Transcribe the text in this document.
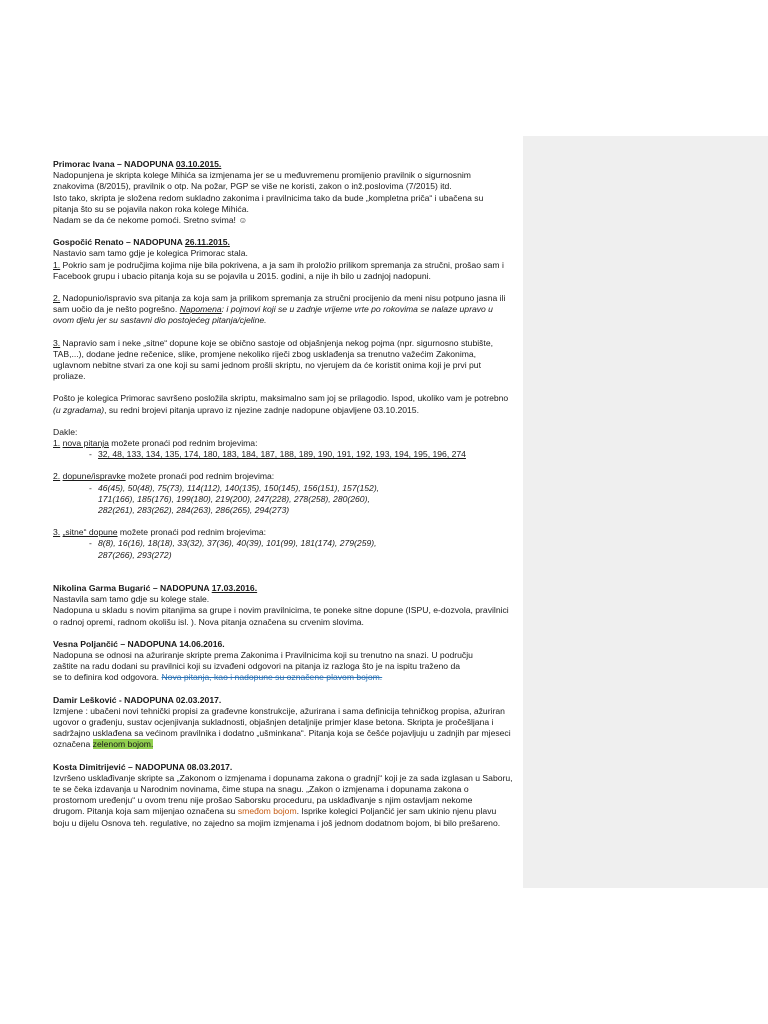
Primorac Ivana – NADOPUNA 03.10.2015.

Nadopunjena je skripta kolege Mihića sa izmjenama jer se u međuvremenu promijenio pravilnik o sigurnosnim

znakovima (8/2015), pravilnik o otp. Na požar, PGP se više ne koristi, zakon o inž.poslovima (7/2015) itd.

Isto tako, skripta je složena redom sukladno zakonima i pravilnicima tako da bude „kompletna priča“ i ubačena su

pitanja što su se pojavila nakon roka kolege Mihića.

Nadam se da će nekome pomoći. Sretno svima! ☺

Gospočić Renato – NADOPUNA 26.11.2015.

Nastavio sam tamo gdje je kolegica Primorac stala.

1. Pokrio sam je područjima kojima nije bila pokrivena, a ja sam ih proložio prilikom spremanja za stručni, prošao sam i

Facebook grupu i ubacio pitanja koja su se pojavila u 2015. godini, a nije ih bilo u zadnjoj nadopuni.

2. Nadopunio/ispravio sva pitanja za koja sam ja prilikom spremanja za stručni procijenio da meni nisu potpuno jasna ili

sam uočio da je nešto pogrešno. Napomena: i pojmovi koji se u zadnje vrijeme vrte po rokovima se nalaze upravo u

ovom djelu jer su sastavni dio postojećeg pitanja/cjeline.

3. Napravio sam i neke „sitne“ dopune koje se obično sastoje od objašnjenja nekog pojma (npr. sigurnosno stubište,

TAB,...), dodane jedne rečenice, slike, promjene nekoliko riječi zbog usklađenja sa trenutno važećim Zakonima,

uglavnom nebitne stvari za one koji su sami jednom prošli skriptu, no vjerujem da će koristit onima koji je prvi put

proliaze.

Pošto je kolegica Primorac savršeno posložila skriptu, maksimalno sam joj se prilagodio. Ispod, ukoliko vam je potrebno

(u zgradama), su redni brojevi pitanja upravo iz njezine zadnje nadopune objavljene 03.10.2015.

Dakle:

1. nova pitanja možete pronaći pod rednim brojevima:

- 32, 48, 133, 134, 135, 174, 180, 183, 184, 187, 188, 189, 190, 191, 192, 193, 194, 195, 196, 274

2. dopune/ispravke možete pronaći pod rednim brojevima:

- 46(45), 50(48), 75(73), 114(112), 140(135), 150(145), 156(151), 157(152),

171(166), 185(176), 199(180), 219(200), 247(228), 278(258), 280(260),

282(261), 283(262), 284(263), 286(265), 294(273)

3. „sitne“ dopune možete pronaći pod rednim brojevima:

- 8(8), 16(16), 18(18), 33(32), 37(36), 40(39), 101(99), 181(174), 279(259),

287(266), 293(272)

Nikolina Garma Bugarić – NADOPUNA 17.03.2016.

Nastavila sam tamo gdje su kolege stale.

Nadopuna u skladu s novim pitanjima sa grupe i novim pravilnicima, te poneke sitne dopune (ISPU, e-dozvola, pravilnici

o radnoj opremi, radnom okolišu isl. ). Nova pitanja označena su crvenim slovima.

Vesna Poljančić – NADOPUNA 14.06.2016.

Nadopuna se odnosi na ažuriranje skripte prema Zakonima i Pravilnicima koji su trenutno na snazi. U području

zaštite na radu dodani su pravilnici koji su izvađeni odgovori na pitanja iz razloga što je na ispitu traženo da

se to definira kod odgovora. Nova pitanja, kao i nadopune su označene plavom bojom.

Damir Lešković - NADOPUNA 02.03.2017.

Izmjene : ubačeni novi tehnički propisi za građevne konstrukcije, ažurirana i sama definicija tehničkog propisa, ažuriran

ugovor o građenju, sustav ocjenjivanja sukladnosti, objašnjen detaljnije primjer klase betona. Skripta je pročešljana i

sadržajno usklađena sa većinom pravilnika i dodatno „ušminkana“. Pitanja koja se češće pojavljuju u zadnjih par mjeseci

označena zelenom bojom.

Kosta Dimitrijević – NADOPUNA 08.03.2017.

Izvršeno usklađivanje skripte sa „Zakonom o izmjenama i dopunama zakona o gradnji“ koji je za sada izglasan u Saboru,

te se čeka izdavanja u Narodnim novinama, čime stupa na snagu. „Zakon o izmjenama i dopunama zakona o

prostornom uređenju“ u ovom trenu nije prošao Saborsku proceduru, pa usklađivanje s njim ostavljam nekome

drugom. Pitanja koja sam mijenjao označena su smeđom bojom. Isprike kolegici Poljančić jer sam ukinio njenu plavu

boju u dijelu Osnova teh. regulative, no zajedno sa mojim izmjenama i još jednom dodatnom bojom, bi bilo prešareno.
